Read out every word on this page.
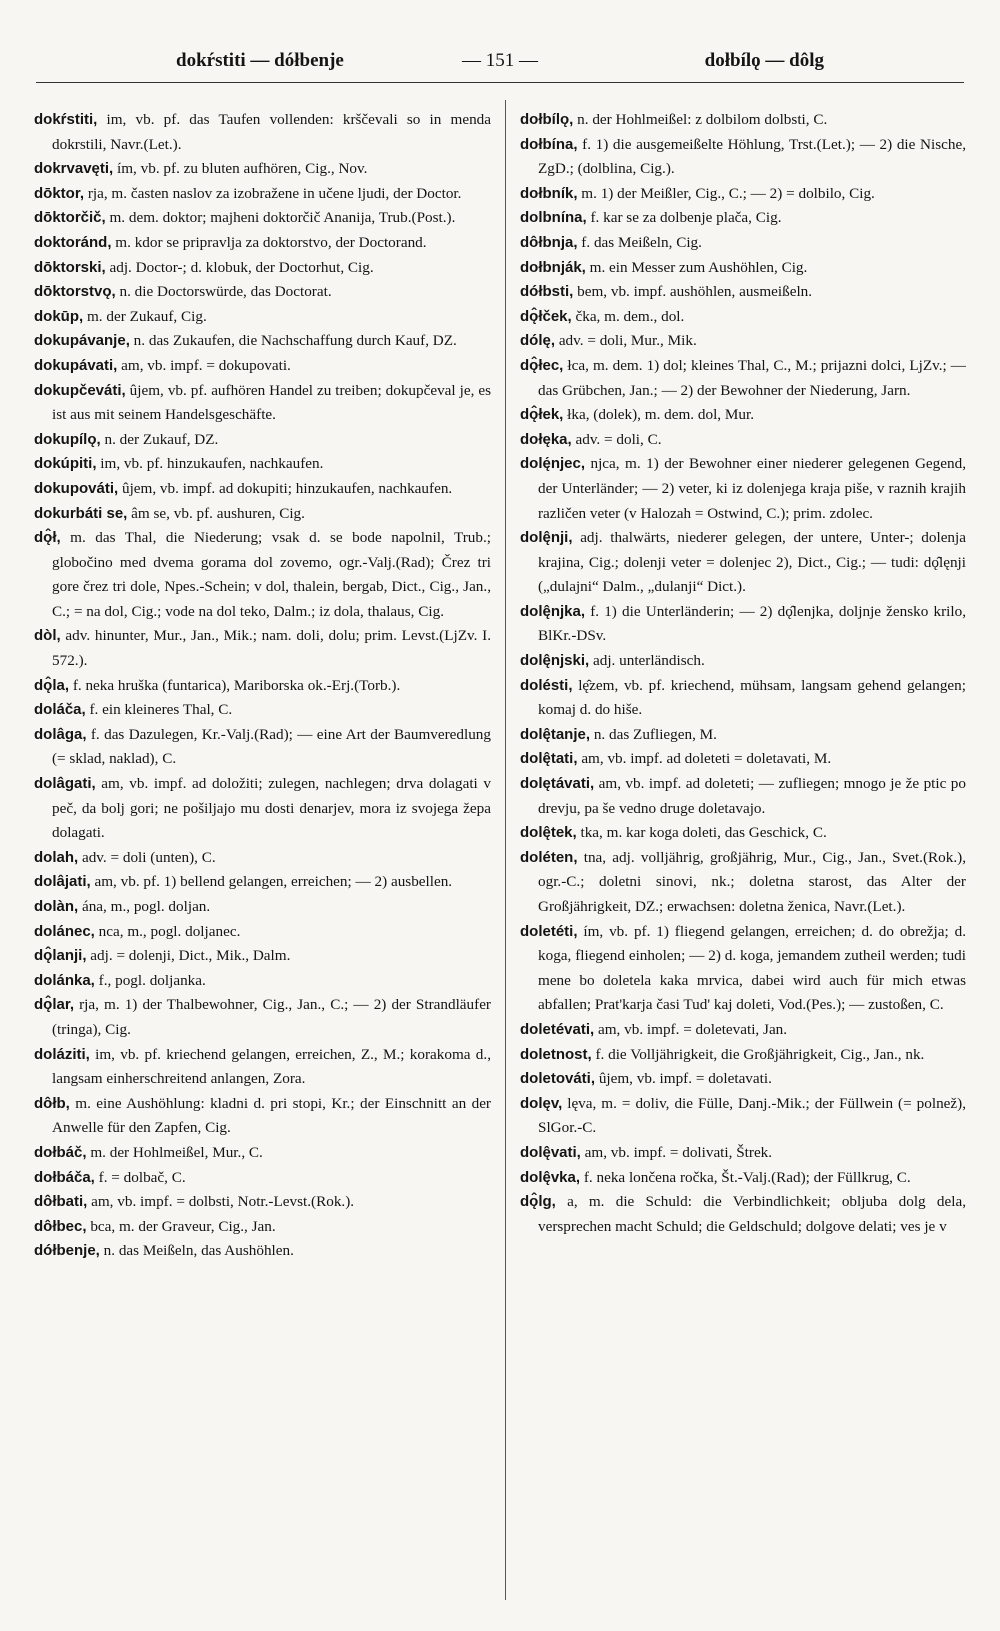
dokŕstiti — dółbenje	— 151 —	dołbílǫ — dôlg

dokŕstiti, im, vb. pf. das Taufen vollenden: krščevali so in menda dokrstili, Navr.(Let.).

dokrvavęti, ím, vb. pf. zu bluten aufhören, Cig., Nov.

dōktor, rja, m. časten naslov za izobražene in učene ljudi, der Doctor.

dōktorčič, m. dem. doktor; majheni doktorčič Ananija, Trub.(Post.).

doktoránd, m. kdor se pripravlja za doktorstvo, der Doctorand.

dōktorski, adj. Doctor-; d. klobuk, der Doctorhut, Cig.

dōktorstvǫ, n. die Doctorswürde, das Doctorat.

dokūp, m. der Zukauf, Cig.

dokupávanje, n. das Zukaufen, die Nachschaffung durch Kauf, DZ.

dokupávati, am, vb. impf. = dokupovati.

dokupčeváti, ûjem, vb. pf. aufhören Handel zu treiben; dokupčeval je, es ist aus mit seinem Handelsgeschäfte.

dokupílǫ, n. der Zukauf, DZ.

dokúpiti, im, vb. pf. hinzukaufen, nachkaufen.

dokupováti, ûjem, vb. impf. ad dokupiti; hinzukaufen, nachkaufen.

dokurbáti se, âm se, vb. pf. aushuren, Cig.

dǫ̂ł, m. das Thal, die Niederung; vsak d. se bode napolnil, Trub.; globočino med dvema gorama dol zovemo, ogr.-Valj.(Rad); Črez tri gore črez tri dole, Npes.-Schein; v dol, thalein, bergab, Dict., Cig., Jan., C.; = na dol, Cig.; vode na dol teko, Dalm.; iz dola, thalaus, Cig.

dòl, adv. hinunter, Mur., Jan., Mik.; nam. doli, dolu; prim. Levst.(LjZv. I. 572.).

dǫ̂la, f. neka hruška (funtarica), Mariborska ok.-Erj.(Torb.).

doláča, f. ein kleineres Thal, C.

dolâga, f. das Dazulegen, Kr.-Valj.(Rad); — eine Art der Baumveredlung (= sklad, naklad), C.

dolâgati, am, vb. impf. ad doložiti; zulegen, nachlegen; drva dolagati v peč, da bolj gori; ne pošiljajo mu dosti denarjev, mora iz svojega žepa dolagati.

dolah, adv. = doli (unten), C.

dolâjati, am, vb. pf. 1) bellend gelangen, erreichen; — 2) ausbellen.

dolàn, ána, m., pogl. doljan.

dolánec, nca, m., pogl. doljanec.

dǫ̂lanji, adj. = dolenji, Dict., Mik., Dalm.

dolánka, f., pogl. doljanka.

dǫ̂lar, rja, m. 1) der Thalbewohner, Cig., Jan., C.; — 2) der Strandläufer (tringa), Cig.

doláziti, im, vb. pf. kriechend gelangen, erreichen, Z., M.; korakoma d., langsam einherschreitend anlangen, Zora.

dôłb, m. eine Aushöhlung: kladni d. pri stopi, Kr.; der Einschnitt an der Anwelle für den Zapfen, Cig.

dołbáč, m. der Hohlmeißel, Mur., C.

dołbáča, f. = dolbač, C.

dôłbati, am, vb. impf. = dolbsti, Notr.-Levst.(Rok.).

dôłbec, bca, m. der Graveur, Cig., Jan.

dółbenje, n. das Meißeln, das Aushöhlen.

dołbílǫ, n. der Hohlmeißel: z dolbilom dolbsti, C.

dołbína, f. 1) die ausgemeißelte Höhlung, Trst.(Let.); — 2) die Nische, ZgD.; (dolblina, Cig.).

dołbník, m. 1) der Meißler, Cig., C.; — 2) = dolbilo, Cig.

dolbnína, f. kar se za dolbenje plača, Cig.

dôłbnja, f. das Meißeln, Cig.

dołbnják, m. ein Messer zum Aushöhlen, Cig.

dółbsti, bem, vb. impf. aushöhlen, ausmeißeln.

dǫ̂łček, čka, m. dem., dol.

dólę, adv. = doli, Mur., Mik.

dǫ̂łec, łca, m. dem. 1) dol; kleines Thal, C., M.; prijazni dolci, LjZv.; — das Grübchen, Jan.; — 2) der Bewohner der Niederung, Jarn.

dǫ̂łek, łka, (dolek), m. dem. dol, Mur.

dołęka, adv. = doli, C.

dolę́njec, njca, m. 1) der Bewohner einer niederer gelegenen Gegend, der Unterländer; — 2) veter, ki iz dolenjega kraja piše, v raznih krajih različen veter (v Halozah = Ostwind, C.); prim. zdolec.

dolę̂nji, adj. thalwärts, niederer gelegen, der untere, Unter-; dolenja krajina, Cig.; dolenji veter = dolenjec 2), Dict., Cig.; — tudi: dǫ̂lęnji („dulajni“ Dalm., „dulanji“ Dict.).

dolę̂njka, f. 1) die Unterländerin; — 2) dǫ̂lenjka, doljnje žensko krilo, BlKr.-DSv.

dolę̂njski, adj. unterländisch.

dolésti, lę̂zem, vb. pf. kriechend, mühsam, langsam gehend gelangen; komaj d. do hiše.

dolę̂tanje, n. das Zufliegen, M.

dolę̂tati, am, vb. impf. ad doleteti = doletavati, M.

dolętávati, am, vb. impf. ad doleteti; — zufliegen; mnogo je že ptic po drevju, pa še vedno druge doletavajo.

dolę̂tek, tka, m. kar koga doleti, das Geschick, C.

doléten, tna, adj. volljährig, großjährig, Mur., Cig., Jan., Svet.(Rok.), ogr.-C.; doletni sinovi, nk.; doletna starost, das Alter der Großjährigkeit, DZ.; erwachsen: doletna ženica, Navr.(Let.).

doletéti, ím, vb. pf. 1) fliegend gelangen, erreichen; d. do obrežja; d. koga, fliegend einholen; — 2) d. koga, jemandem zutheil werden; tudi mene bo doletela kaka mrvica, dabei wird auch für mich etwas abfallen; Prat'karja časi Tud' kaj doleti, Vod.(Pes.); — zustoßen, C.

doletévati, am, vb. impf. = doletevati, Jan.

doletnost, f. die Volljährigkeit, die Großjährigkeit, Cig., Jan., nk.

doletováti, ûjem, vb. impf. = doletavati.

dolęv, lęva, m. = doliv, die Fülle, Danj.-Mik.; der Füllwein (= polnež), SlGor.-C.

dolę̂vati, am, vb. impf. = dolivati, Štrek.

dolę̂vka, f. neka lončena ročka, Št.-Valj.(Rad); der Füllkrug, C.

dǫ̂lg, a, m. die Schuld: die Verbindlichkeit; obljuba dolg dela, versprechen macht Schuld; die Geldschuld; dolgove delati; ves je v
